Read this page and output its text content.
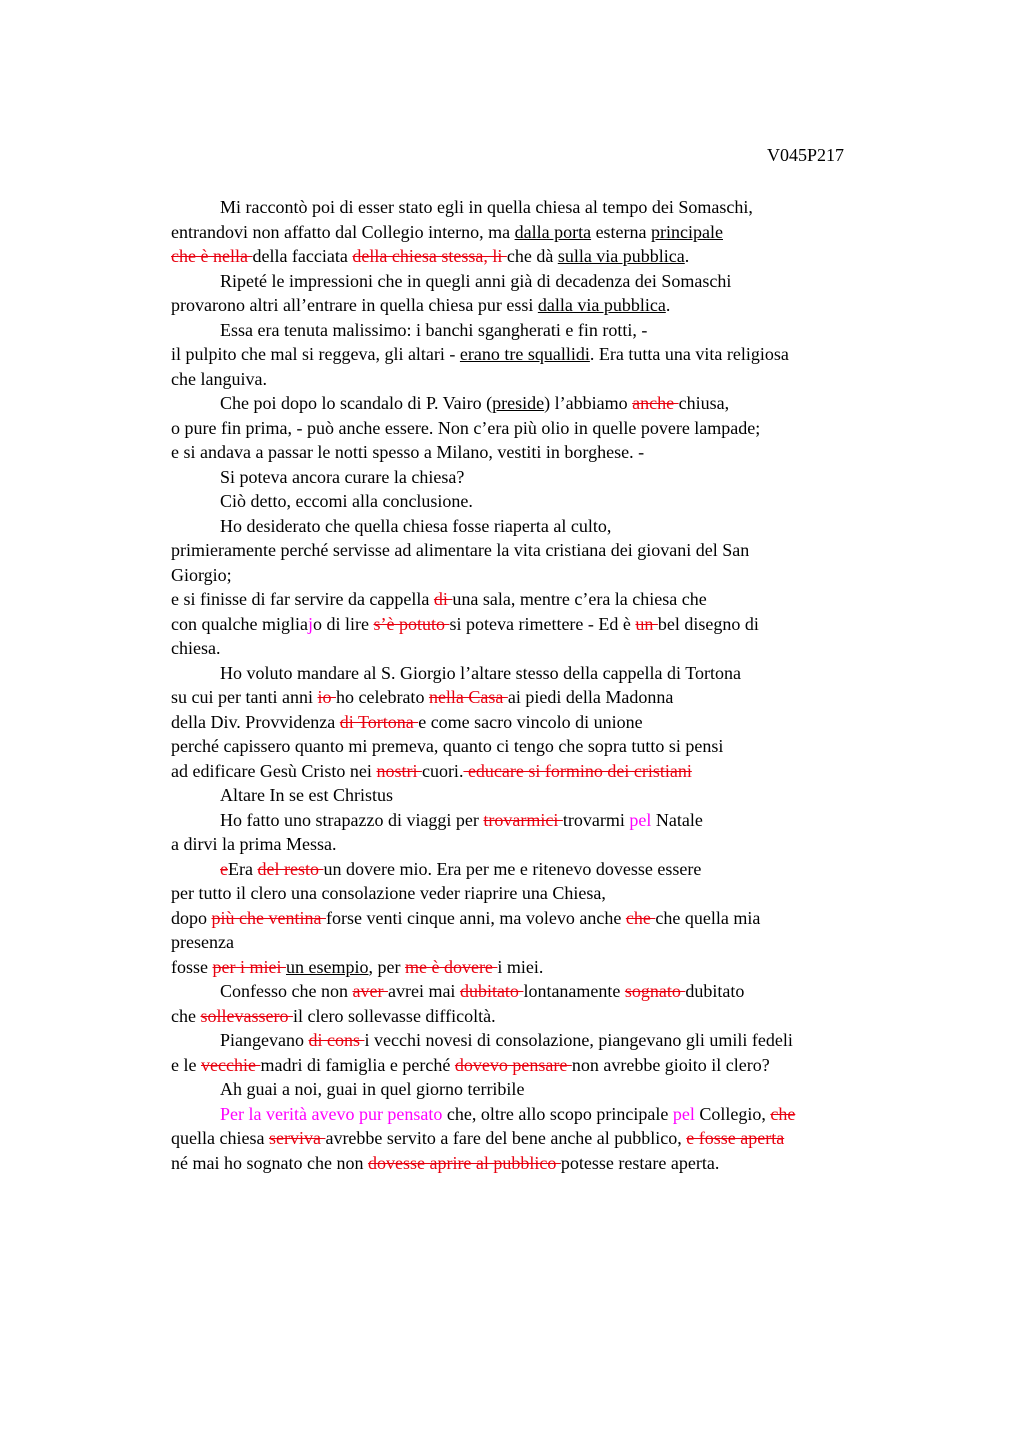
V045P217
Mi raccontò poi di esser stato egli in quella chiesa al tempo dei Somaschi,
entrandovi non affatto dal Collegio interno, ma dalla porta esterna principale
che è nella della facciata della chiesa stessa, li che dà sulla via pubblica.
Ripeté le impressioni che in quegli anni già di decadenza dei Somaschi
provarono altri all’entrare in quella chiesa pur essi dalla via pubblica.
Essa era tenuta malissimo: i banchi sgangherati e fin rotti, -
il pulpito che mal si reggeva, gli altari - erano tre squallidi. Era tutta una vita religiosa
che languiva.
Che poi dopo lo scandalo di P. Vairo (preside) l’abbiamo anche chiusa,
o pure fin prima, - può anche essere. Non c’era più olio in quelle povere lampade;
e si andava a passar le notti spesso a Milano, vestiti in borghese. -
Si poteva ancora curare la chiesa?
Ciò detto, eccomi alla conclusione.
Ho desiderato che quella chiesa fosse riaperta al culto,
primieramente perché servisse ad alimentare la vita cristiana dei giovani del San
Giorgio;
e si finisse di far servire da cappella di una sala, mentre c’era la chiesa che
con qualche migliajo di lire s’è potuto si poteva rimettere - Ed è un bel disegno di
chiesa.
Ho voluto mandare al S. Giorgio l’altare stesso della cappella di Tortona
su cui per tanti anni io ho celebrato nella Casa ai piedi della Madonna
della Div. Provvidenza di Tortona e come sacro vincolo di unione
perché capissero quanto mi premeva, quanto ci tengo che sopra tutto si pensi
ad edificare Gesù Cristo nei nostri cuori. educare si formino dei cristiani
Altare In se est Christus
Ho fatto uno strapazzo di viaggi per trovarmici trovarmi pel Natale
a dirvi la prima Messa.
eEra del resto un dovere mio. Era per me e ritenevo dovesse essere
per tutto il clero una consolazione veder riaprire una Chiesa,
dopo più che ventina forse venti cinque anni, ma volevo anche che che quella mia
presenza
fosse per i miei un esempio, per me è dovere i miei.
Confesso che non aver avrei mai dubitato lontanamente sognato dubitato
che sollevassero il clero sollevasse difficoltà.
Piangevano di cons i vecchi novesi di consolazione, piangevano gli umili fedeli
e le vecchie madri di famiglia e perché dovevo pensare non avrebbe gioito il clero?
Ah guai a noi, guai in quel giorno terribile
Per la verità avevo pur pensato che, oltre allo scopo principale pel Collegio, che
quella chiesa serviva avrebbe servito a fare del bene anche al pubblico, e fosse aperta
né mai ho sognato che non dovesse aprire al pubblico potesse restare aperta.
